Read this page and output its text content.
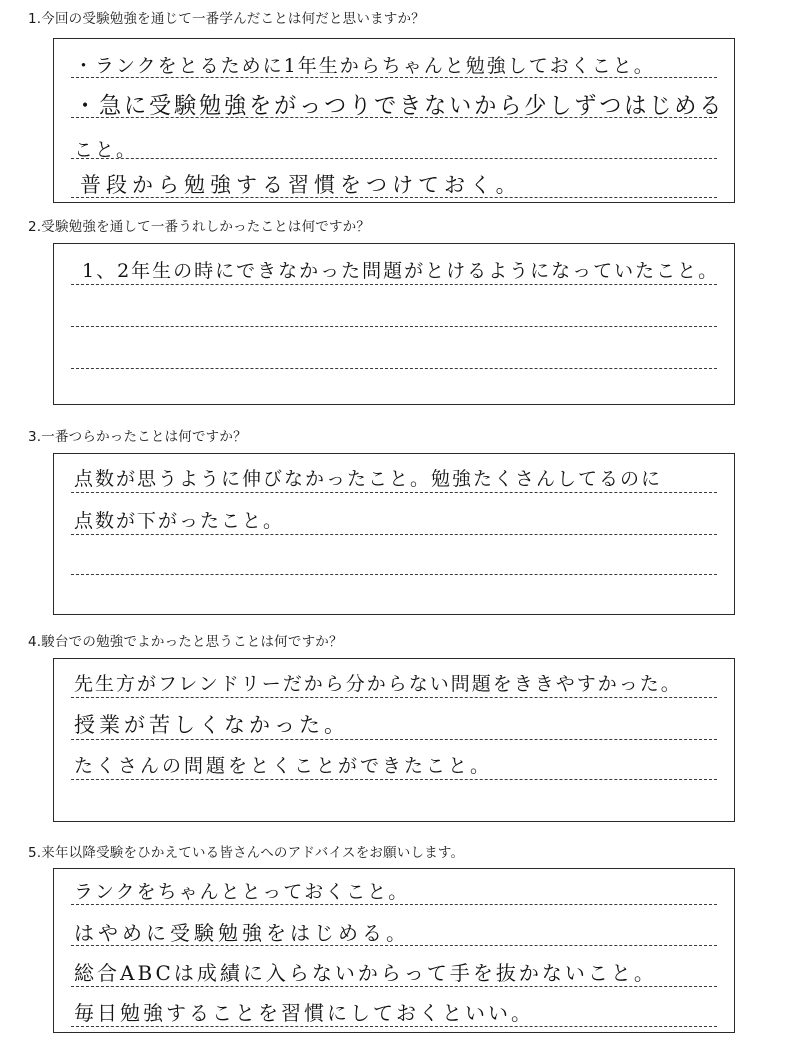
1.今回の受験勉強を通じて一番学んだことは何だと思いますか？
・ランクをとるために1年生からちゃんと勉強しておくこと。
・急に受験勉強をがっつりできないから少しずつはじめる
こと。
普段から勉強する習慣をつけておく。
2.受験勉強を通して一番うれしかったことは何ですか？
1、2年生の時にできなかった問題がとけるようになっていたこと。
3.一番つらかったことは何ですか？
点数が思うように伸びなかったこと。勉強たくさんしてるのに
点数が下がったこと。
4.駿台での勉強でよかったと思うことは何ですか？
先生方がフレンドリーだから分からない問題をききやすかった。
授業が苦しくなかった。
たくさんの問題をとくことができたこと。
5.来年以降受験をひかえている皆さんへのアドバイスをお願いします。
ランクをちゃんととっておくこと。
はやめに受験勉強をはじめる。
総合ABCは成績に入らないからって手を抜かないこと。
毎日勉強することを習慣にしておくといい。
